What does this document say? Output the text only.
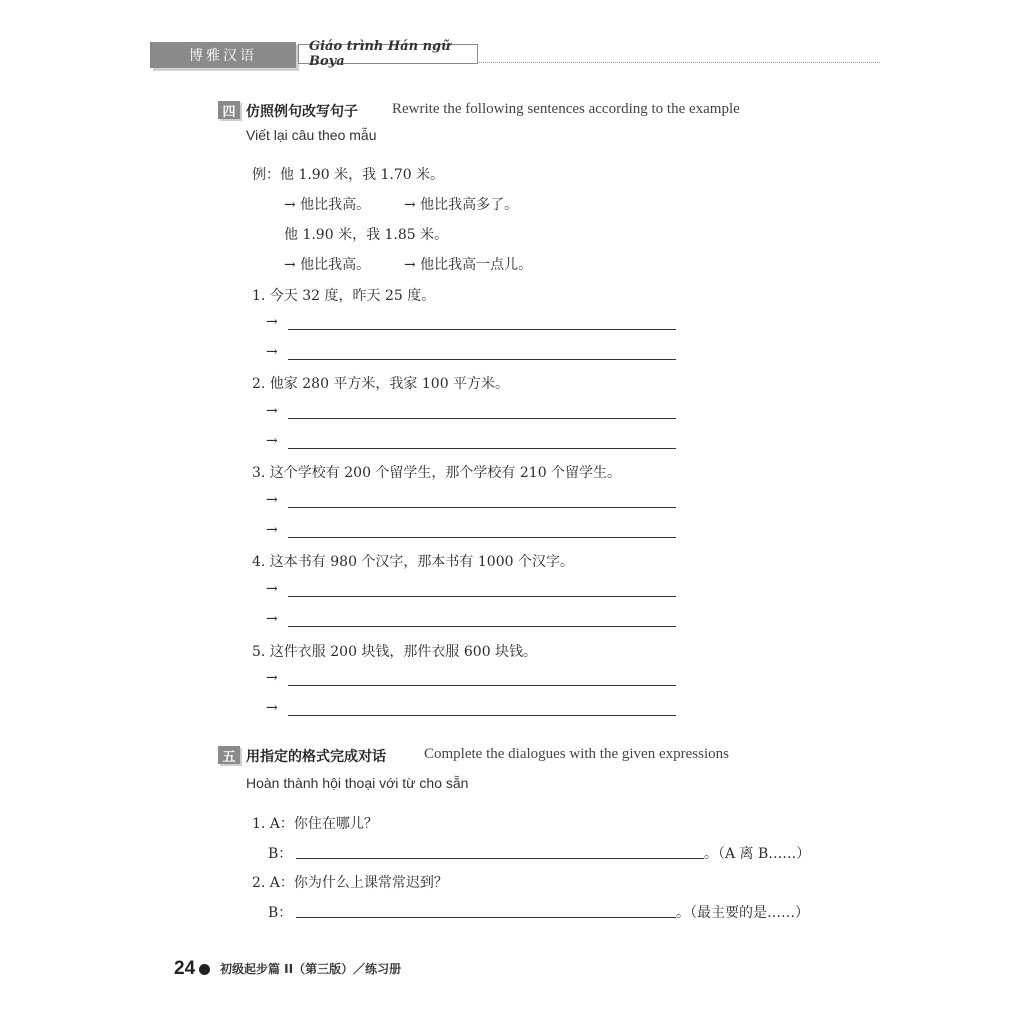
博雅汉语
Giáo trình Hán ngữ Boya
四 仿照例句改写句子 Rewrite the following sentences according to the example
Viết lại câu theo mẫu
例：他 1.90 米，我 1.70 米。
→ 他比我高。 → 他比我高多了。
他 1.90 米，我 1.85 米。
→ 他比我高。 → 他比我高一点儿。
1. 今天 32 度，昨天 25 度。
→
→
2. 他家 280 平方米，我家 100 平方米。
→
→
3. 这个学校有 200 个留学生，那个学校有 210 个留学生。
→
→
4. 这本书有 980 个汉字，那本书有 1000 个汉字。
→
→
5. 这件衣服 200 块钱，那件衣服 600 块钱。
→
→
五 用指定的格式完成对话	Complete the dialogues with the given expressions
Hoàn thành hội thoại với từ cho sẵn
1. A：你住在哪儿？
B：	。（A 离 B……）
2. A：你为什么上课常常迟到？
B：	。（最主要的是……）
24 初级起步篇 II（第三版）／练习册
